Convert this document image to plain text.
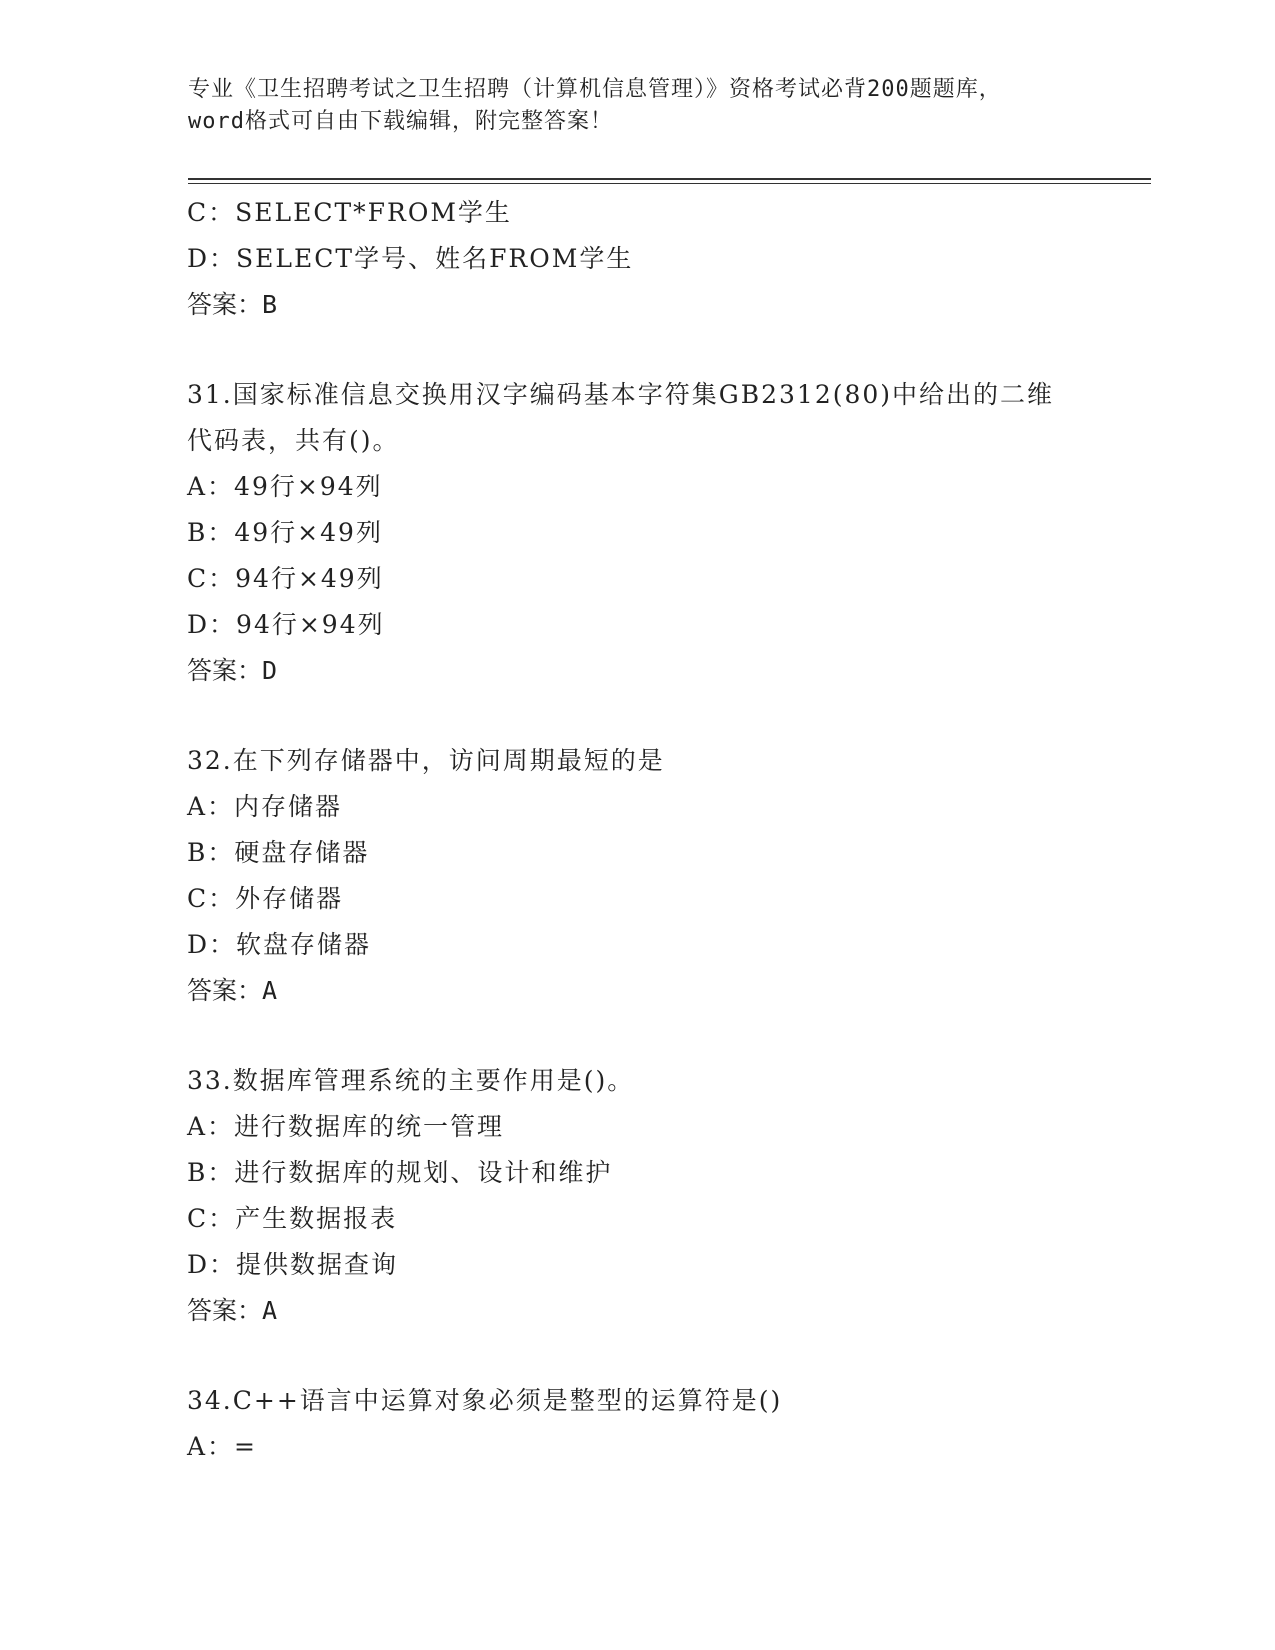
专业《卫生招聘考试之卫生招聘（计算机信息管理）》资格考试必背200题题库，
word格式可自由下载编辑，附完整答案！
C：SELECT*FROM学生
D：SELECT学号、姓名FROM学生
答案：B
31.国家标准信息交换用汉字编码基本字符集GB2312(80)中给出的二维
代码表，共有()。
A：49行×94列
B：49行×49列
C：94行×49列
D：94行×94列
答案：D
32.在下列存储器中，访问周期最短的是
A：内存储器
B：硬盘存储器
C：外存储器
D：软盘存储器
答案：A
33.数据库管理系统的主要作用是()。
A：进行数据库的统一管理
B：进行数据库的规划、设计和维护
C：产生数据报表
D：提供数据查询
答案：A
34.C++语言中运算对象必须是整型的运算符是()
A：=
